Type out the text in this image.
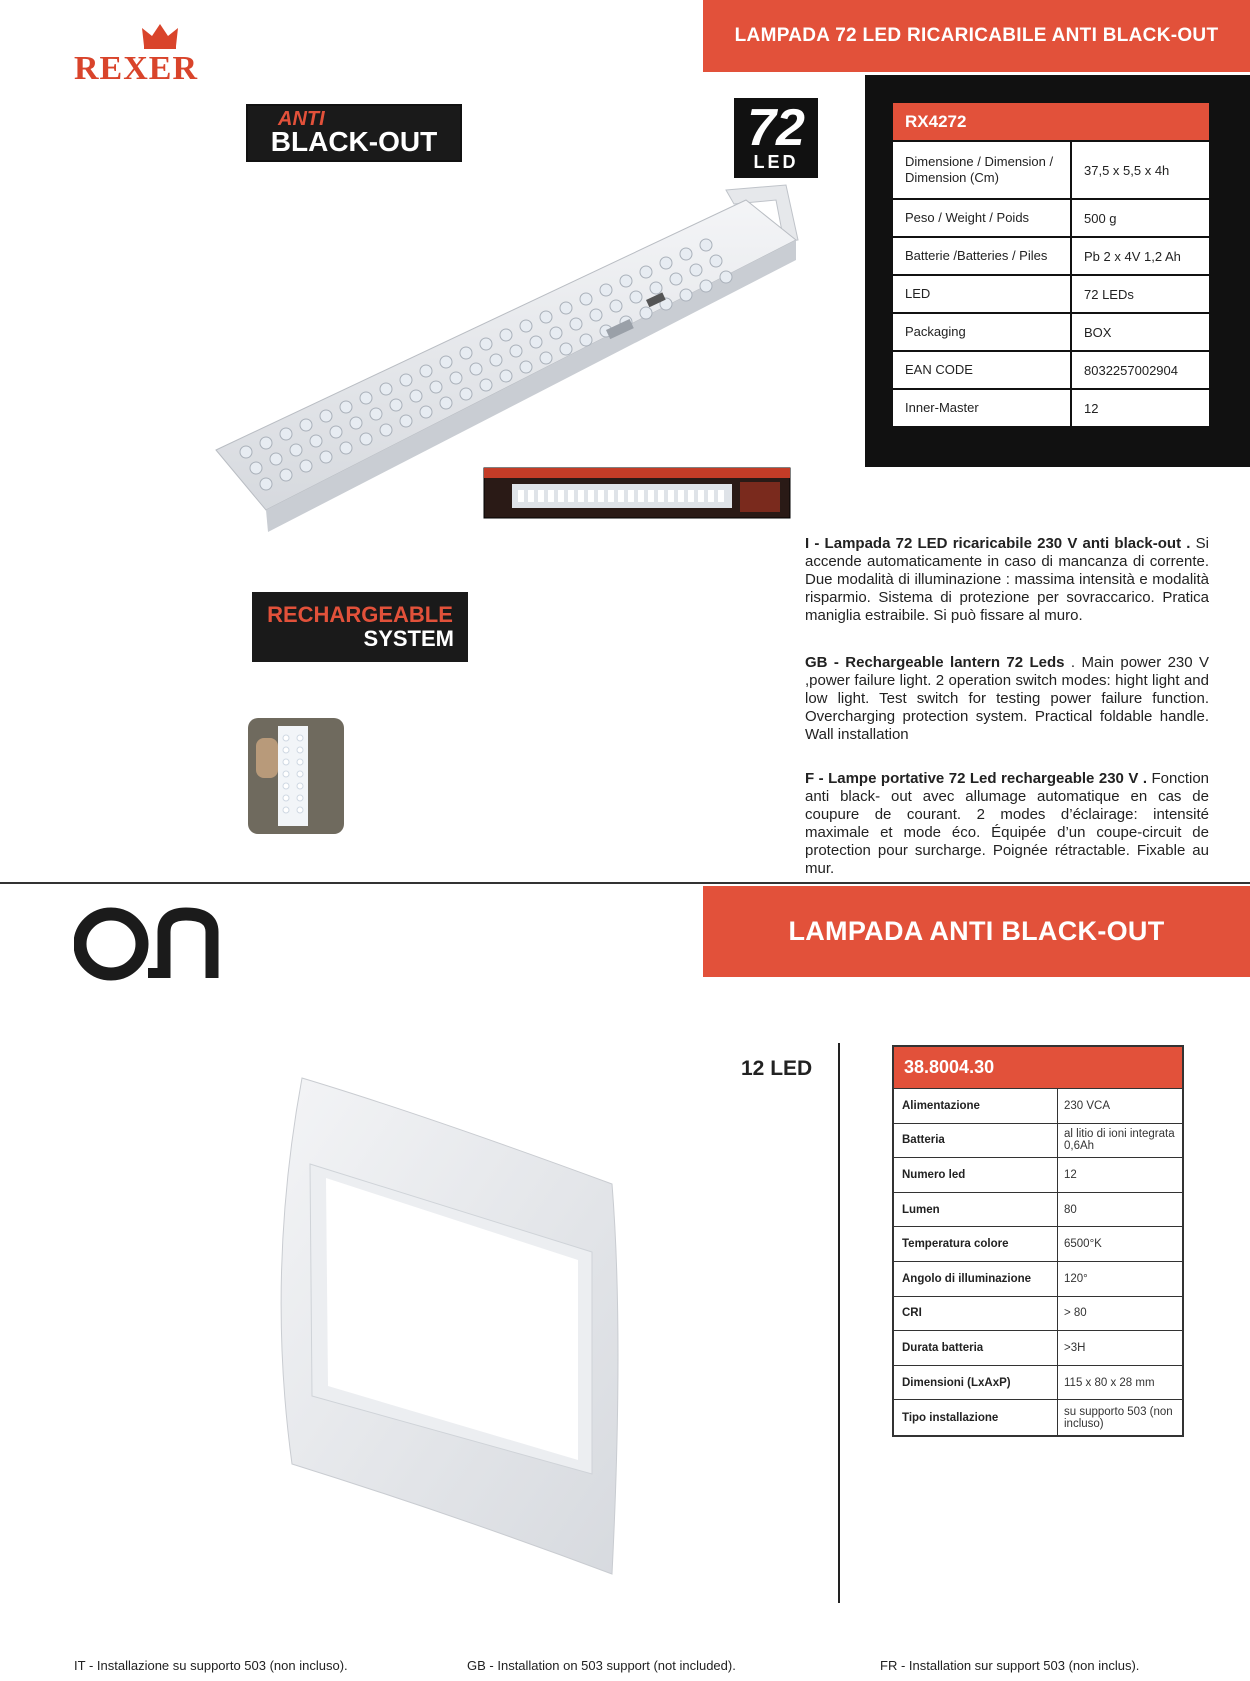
LAMPADA 72 LED RICARICABILE ANTI BLACK-OUT
REXER
ANTI
BLACK-OUT	72
LED
RECHARGEABLE
SYSTEM
RX4272
Dimensione / Dimension / Dimension (Cm)	37,5 x 5,5 x 4h
Peso / Weight / Poids	500 g
Batterie /Batteries / Piles	Pb 2 x 4V 1,2 Ah
LED	72 LEDs
Packaging	BOX
EAN CODE	8032257002904
Inner-Master	12

I - Lampada 72 LED ricaricabile 230 V anti black-out . Si accende automaticamente in caso di mancanza di corrente. Due modalità di illuminazione : massima intensità e modalità risparmio. Sistema di protezione per sovraccarico. Pratica maniglia estraibile. Si può fissare al muro.

GB - Rechargeable lantern 72 Leds . Main power 230 V ,power failure light. 2 operation switch modes: hight light and low light. Test switch for testing power failure function. Overcharging protection system. Practical foldable handle. Wall installation

F - Lampe portative 72 Led rechargeable 230 V . Fonction anti black- out avec allumage automatique en cas de coupure de courant. 2 modes d’éclairage: intensité maximale et mode éco. Équipée d’un coupe-circuit de protection pour surcharge. Poignée rétractable. Fixable au mur.

LAMPADA ANTI BLACK-OUT
12 LED	38.8004.30
Alimentazione	230 VCA
Batteria	al litio di ioni integrata 0,6Ah
Numero led	12
Lumen	80
Temperatura colore	6500°K
Angolo di illuminazione	120°
CRI	> 80
Durata batteria	>3H
Dimensioni (LxAxP)	115 x 80 x 28 mm
Tipo installazione	su supporto 503 (non incluso)
IT - Installazione su supporto 503 (non incluso).	GB - Installation on 503 support (not included).	FR - Installation sur support 503 (non inclus).
